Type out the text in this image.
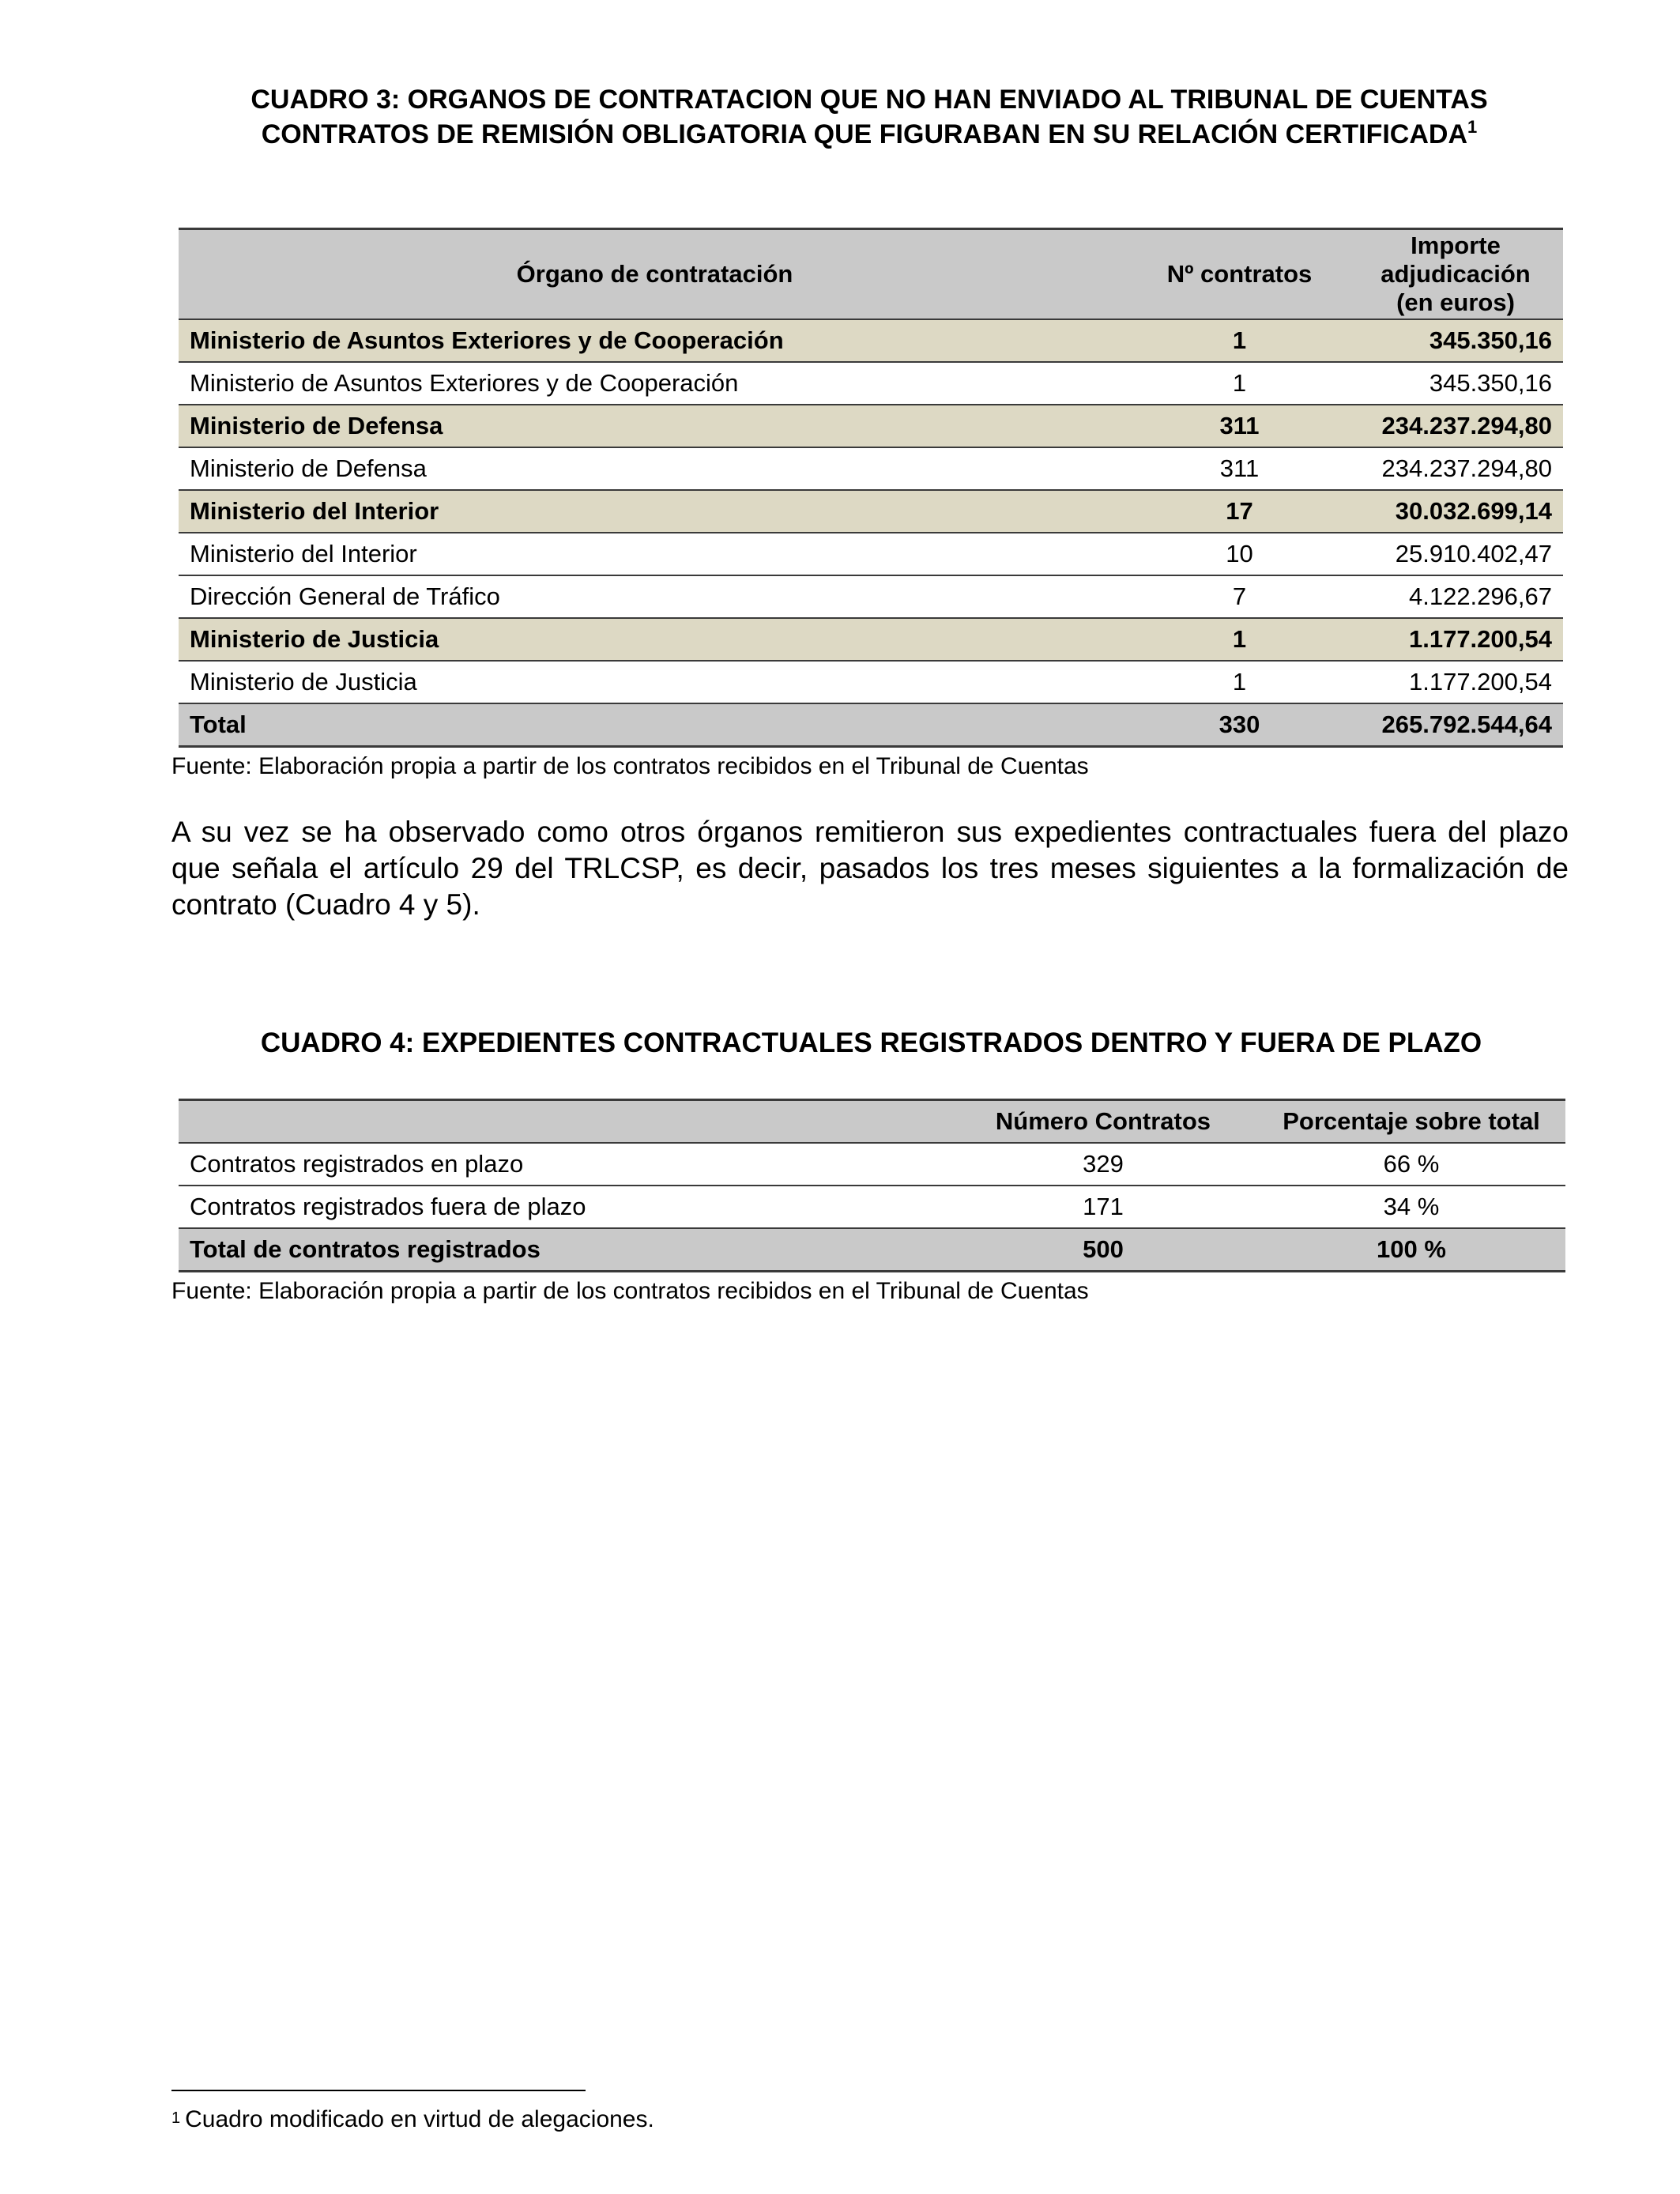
CUADRO 3: ORGANOS DE CONTRATACION QUE NO HAN ENVIADO AL TRIBUNAL DE CUENTAS CONTRATOS DE REMISIÓN OBLIGATORIA QUE FIGURABAN EN SU RELACIÓN CERTIFICADA$^1$
Órgano de contratación	Nº contratos	Importe
adjudicación
(en euros)

Ministerio de Asuntos Exteriores y de Cooperación	1	345.350,16
Ministerio de Asuntos Exteriores y de Cooperación	1	345.350,16
Ministerio de Defensa	311	234.237.294,80
Ministerio de Defensa	311	234.237.294,80
Ministerio del Interior	17	30.032.699,14
Ministerio del Interior	10	25.910.402,47
Dirección General de Tráfico	7	4.122.296,67
Ministerio de Justicia	1	1.177.200,54
Ministerio de Justicia	1	1.177.200,54
Total	330	265.792.544,64
Fuente: Elaboración propia a partir de los contratos recibidos en el Tribunal de Cuentas

A su vez se ha observado como otros órganos remitieron sus expedientes contractuales fuera del plazo que señala el artículo 29 del TRLCSP, es decir, pasados los tres meses siguientes a la formalización de contrato (Cuadro 4 y 5).

CUADRO 4: EXPEDIENTES CONTRACTUALES REGISTRADOS DENTRO Y FUERA DE PLAZO
	Número Contratos	Porcentaje sobre total
Contratos registrados en plazo	329	66 %
Contratos registrados fuera de plazo	171	34 %
Total de contratos registrados	500	100 %
Fuente: Elaboración propia a partir de los contratos recibidos en el Tribunal de Cuentas
$^1$ Cuadro modificado en virtud de alegaciones.
